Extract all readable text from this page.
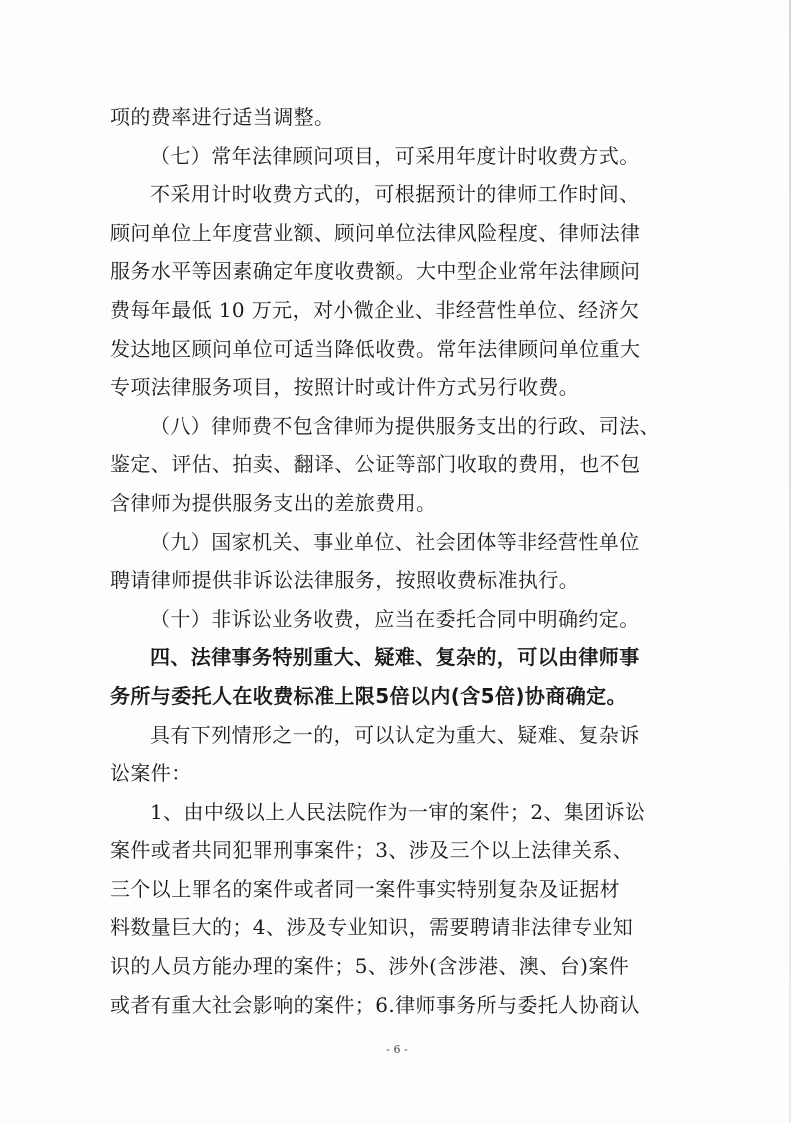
项的费率进行适当调整。

（七）常年法律顾问项目，可采用年度计时收费方式。

不采用计时收费方式的，可根据预计的律师工作时间、

顾问单位上年度营业额、顾问单位法律风险程度、律师法律

服务水平等因素确定年度收费额。大中型企业常年法律顾问

费每年最低 10 万元，对小微企业、非经营性单位、经济欠

发达地区顾问单位可适当降低收费。常年法律顾问单位重大

专项法律服务项目，按照计时或计件方式另行收费。

（八）律师费不包含律师为提供服务支出的行政、司法、

鉴定、评估、拍卖、翻译、公证等部门收取的费用，也不包

含律师为提供服务支出的差旅费用。

（九）国家机关、事业单位、社会团体等非经营性单位

聘请律师提供非诉讼法律服务，按照收费标准执行。

（十）非诉讼业务收费，应当在委托合同中明确约定。

四、法律事务特别重大、疑难、复杂的，可以由律师事

务所与委托人在收费标准上限5倍以内(含5倍)协商确定。

具有下列情形之一的，可以认定为重大、疑难、复杂诉

讼案件：

1、由中级以上人民法院作为一审的案件；2、集团诉讼

案件或者共同犯罪刑事案件；3、涉及三个以上法律关系、

三个以上罪名的案件或者同一案件事实特别复杂及证据材

料数量巨大的；4、涉及专业知识，需要聘请非法律专业知

识的人员方能办理的案件；5、涉外(含涉港、澳、台)案件

或者有重大社会影响的案件；6.律师事务所与委托人协商认

- 6 -
